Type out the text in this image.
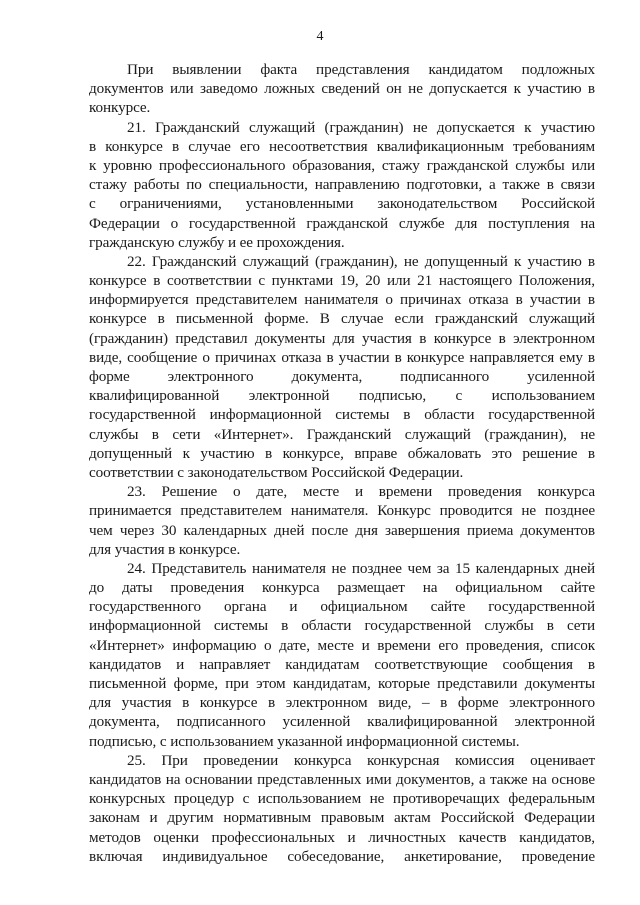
4
При выявлении факта представления кандидатом подложных
документов или заведомо ложных сведений он не допускается к участию в
конкурсе.
21. Гражданский служащий (гражданин) не допускается к участию
в конкурсе в случае его несоответствия квалификационным требованиям
к уровню профессионального образования, стажу гражданской службы или
стажу работы по специальности, направлению подготовки, а также в связи
с ограничениями, установленными законодательством Российской
Федерации о государственной гражданской службе для поступления на
гражданскую службу и ее прохождения.
22. Гражданский служащий (гражданин), не допущенный к участию в
конкурсе в соответствии с пунктами 19, 20 или 21 настоящего Положения,
информируется представителем нанимателя о причинах отказа в участии в
конкурсе в письменной форме. В случае если гражданский служащий
(гражданин) представил документы для участия в конкурсе в электронном
виде, сообщение о причинах отказа в участии в конкурсе направляется ему в
форме электронного документа, подписанного усиленной
квалифицированной электронной подписью, с использованием
государственной информационной системы в области государственной
службы в сети «Интернет». Гражданский служащий (гражданин), не
допущенный к участию в конкурсе, вправе обжаловать это решение в
соответствии с законодательством Российской Федерации.
23. Решение о дате, месте и времени проведения конкурса
принимается представителем нанимателя. Конкурс проводится не позднее
чем через 30 календарных дней после дня завершения приема документов
для участия в конкурсе.
24. Представитель нанимателя не позднее чем за 15 календарных дней
до даты проведения конкурса размещает на официальном сайте
государственного органа и официальном сайте государственной
информационной системы в области государственной службы в сети
«Интернет» информацию о дате, месте и времени его проведения, список
кандидатов и направляет кандидатам соответствующие сообщения в
письменной форме, при этом кандидатам, которые представили документы
для участия в конкурсе в электронном виде, – в форме электронного
документа, подписанного усиленной квалифицированной электронной
подписью, с использованием указанной информационной системы.
25. При проведении конкурса конкурсная комиссия оценивает
кандидатов на основании представленных ими документов, а также на основе
конкурсных процедур с использованием не противоречащих федеральным
законам и другим нормативным правовым актам Российской Федерации
методов оценки профессиональных и личностных качеств кандидатов,
включая индивидуальное собеседование, анкетирование, проведение
